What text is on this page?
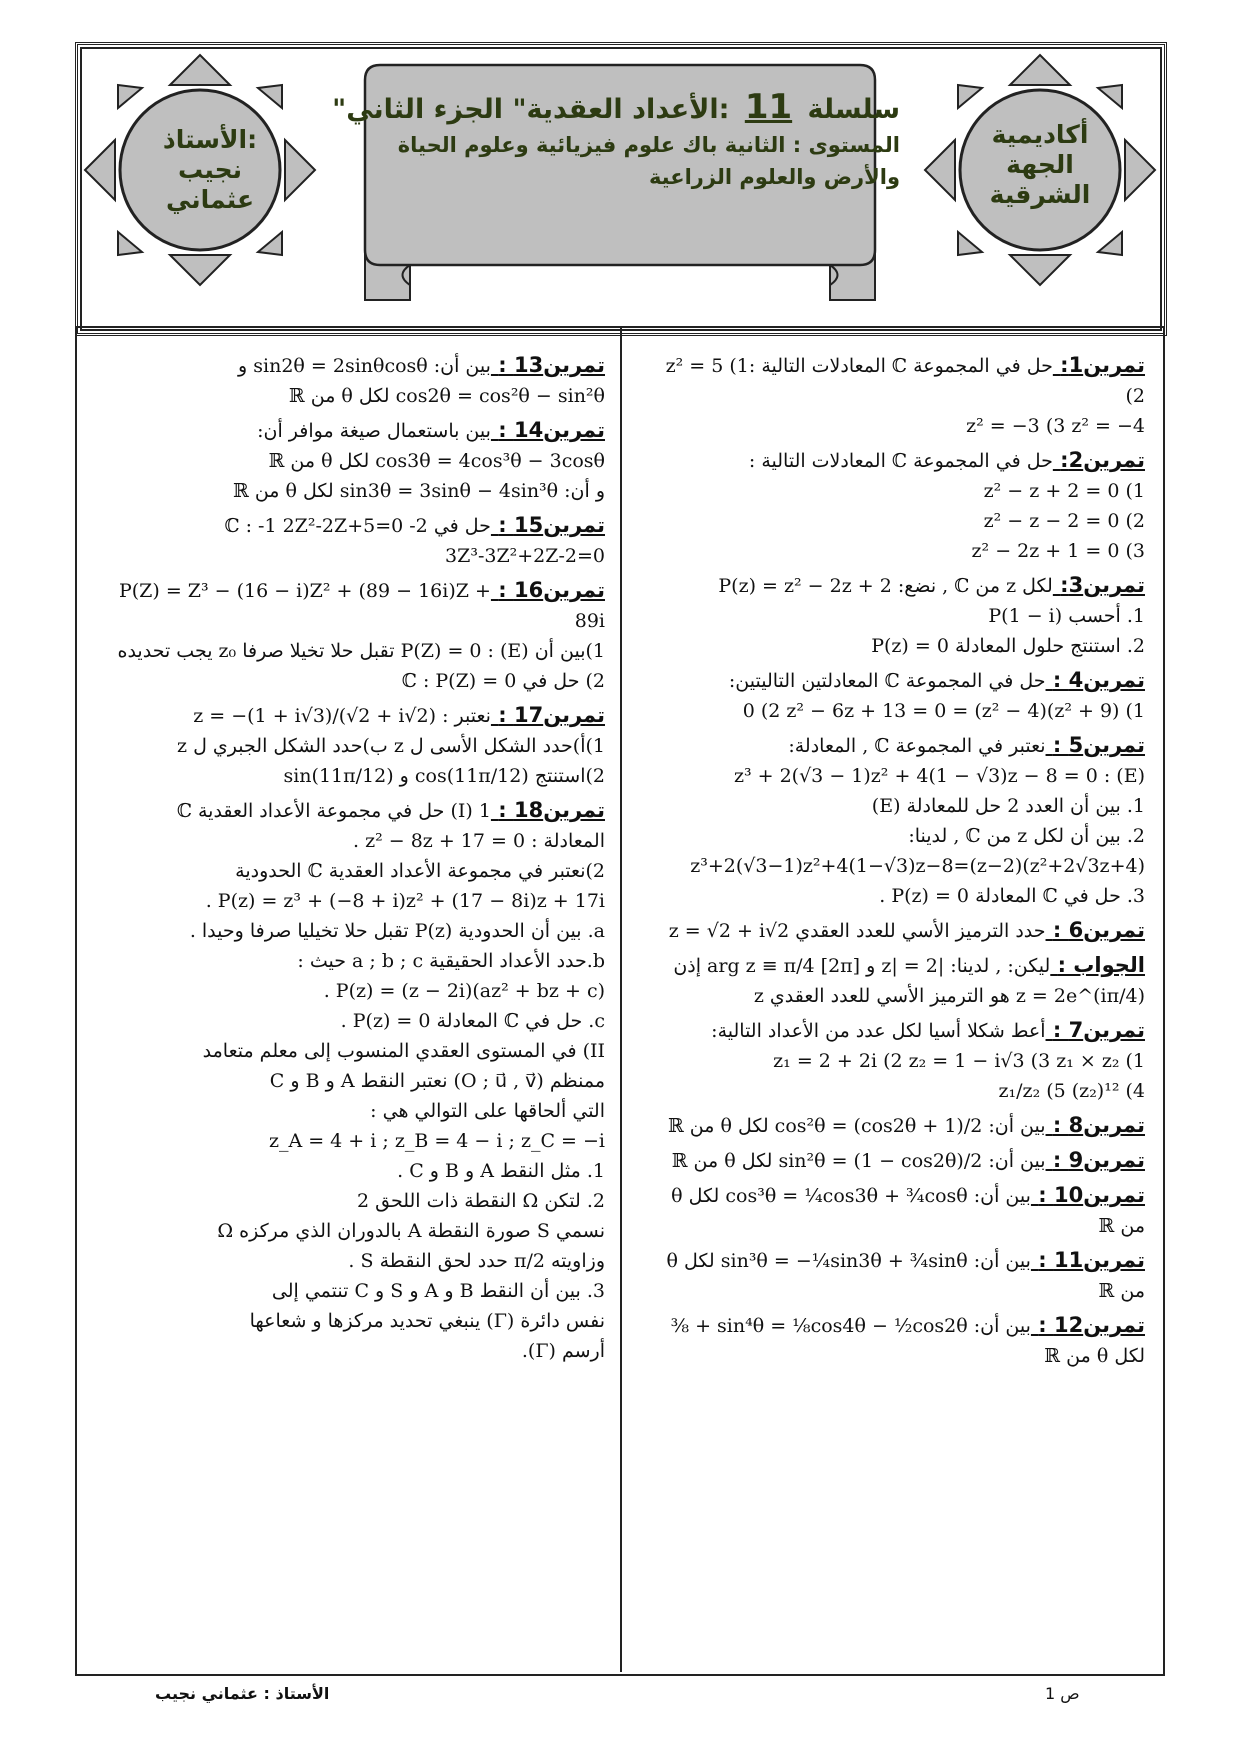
الأستاذ:
نجيب
عثماني
أكاديمية
الجهة
الشرقية
سلسلة 11 :الأعداد العقدية" الجزء الثاني"
المستوى : الثانية باك علوم فيزيائية وعلوم الحياة
والأرض والعلوم الزراعية
تمرين1:حل في المجموعة ℂ المعادلات التالية :1) z² = 5 (2
z² = −3 (3 z² = −4
تمرين2:حل في المجموعة ℂ المعادلات التالية :
1) z² − z + 2 = 0
2) z² − z − 2 = 0
3) z² − 2z + 1 = 0
تمرين3:لكل z من ℂ , نضع: P(z) = z² − 2z + 2
1. أحسب P(1 − i)
2. استنتج حلول المعادلة P(z) = 0
تمرين4 :حل في المجموعة ℂ المعادلتين التاليتين:
1) (z² + 9)(z² − 4) = 0 (2 z² − 6z + 13 = 0
تمرين5 :نعتبر في المجموعة ℂ , المعادلة:
(E) : z³ + 2(√3 − 1)z² + 4(1 − √3)z − 8 = 0
1. بين أن العدد 2 حل للمعادلة (E)
2. بين أن لكل z من ℂ , لدينا:
z³+2(√3−1)z²+4(1−√3)z−8=(z−2)(z²+2√3z+4)
3. حل في ℂ المعادلة P(z) = 0 .
تمرين6 :حدد الترميز الأسي للعدد العقدي z = √2 + i√2
الجواب :ليكن: , لدينا: |z| = 2 و arg z ≡ π/4 [2π] إذن
z = 2e^(iπ/4) هو الترميز الأسي للعدد العقدي z
تمرين7 :أعط شكلا أسيا لكل عدد من الأعداد التالية:
1) z₁ = 2 + 2i (2 z₂ = 1 − i√3 (3 z₁ × z₂
4) z₁/z₂ (5 (z₂)¹²
تمرين8 :بين أن: cos²θ = (cos2θ + 1)/2 لكل θ من ℝ
تمرين9 :بين أن: sin²θ = (1 − cos2θ)/2 لكل θ من ℝ
تمرين10 :بين أن: cos³θ = ¼cos3θ + ¾cosθ لكل θ من ℝ
تمرين11 :بين أن: sin³θ = −¼sin3θ + ¾sinθ لكل θ من ℝ
تمرين12 :بين أن: sin⁴θ = ⅛cos4θ − ½cos2θ + ⅜
لكل θ من ℝ
تمرين13 :بين أن: sin2θ = 2sinθcosθ و
cos2θ = cos²θ − sin²θ لكل θ من ℝ
تمرين14 :بين باستعمال صيغة موافر أن:
cos3θ = 4cos³θ − 3cosθ لكل θ من ℝ
و أن: sin3θ = 3sinθ − 4sin³θ لكل θ من ℝ
تمرين15 :حل في ℂ : -1 2Z²-2Z+5=0 -2
3Z³-3Z²+2Z-2=0
تمرين16 :P(Z) = Z³ − (16 − i)Z² + (89 − 16i)Z + 89i
1)بين أن (E) : P(Z) = 0 تقبل حلا تخيلا صرفا z₀ يجب تحديده
2) حل في ℂ : P(Z) = 0
تمرين17 :نعتبر : z = −(1 + i√3)/(√2 + i√2)
1)أ)حدد الشكل الأسى ل z ب)حدد الشكل الجبري ل z
2)استنتج cos(11π/12) و sin(11π/12)
تمرين18 :I) 1) حل في مجموعة الأعداد العقدية ℂ
المعادلة : z² − 8z + 17 = 0 .
2)نعتبر في مجموعة الأعداد العقدية ℂ الحدودية
P(z) = z³ + (−8 + i)z² + (17 − 8i)z + 17i .
a. بين أن الحدودية P(z) تقبل حلا تخيليا صرفا وحيدا .
b.حدد الأعداد الحقيقية a ; b ; c حيث :
P(z) = (z − 2i)(az² + bz + c) .
c. حل في ℂ المعادلة P(z) = 0 .
II) في المستوى العقدي المنسوب إلى معلم متعامد
ممنظم (O ; u⃗ , v⃗) نعتبر النقط A و B و C
التي ألحاقها على التوالي هي :
z_A = 4 + i ; z_B = 4 − i ; z_C = −i
1. مثل النقط A و B و C .
2. لتكن Ω النقطة ذات اللحق 2
نسمي S صورة النقطة A بالدوران الذي مركزه Ω
وزاويته π/2 حدد لحق النقطة S .
3. بين أن النقط B و A و S و C تنتمي إلى
نفس دائرة (Γ) ينبغي تحديد مركزها و شعاعها
أرسم (Γ).
الأستاذ : عثماني نجيب	ص 1
